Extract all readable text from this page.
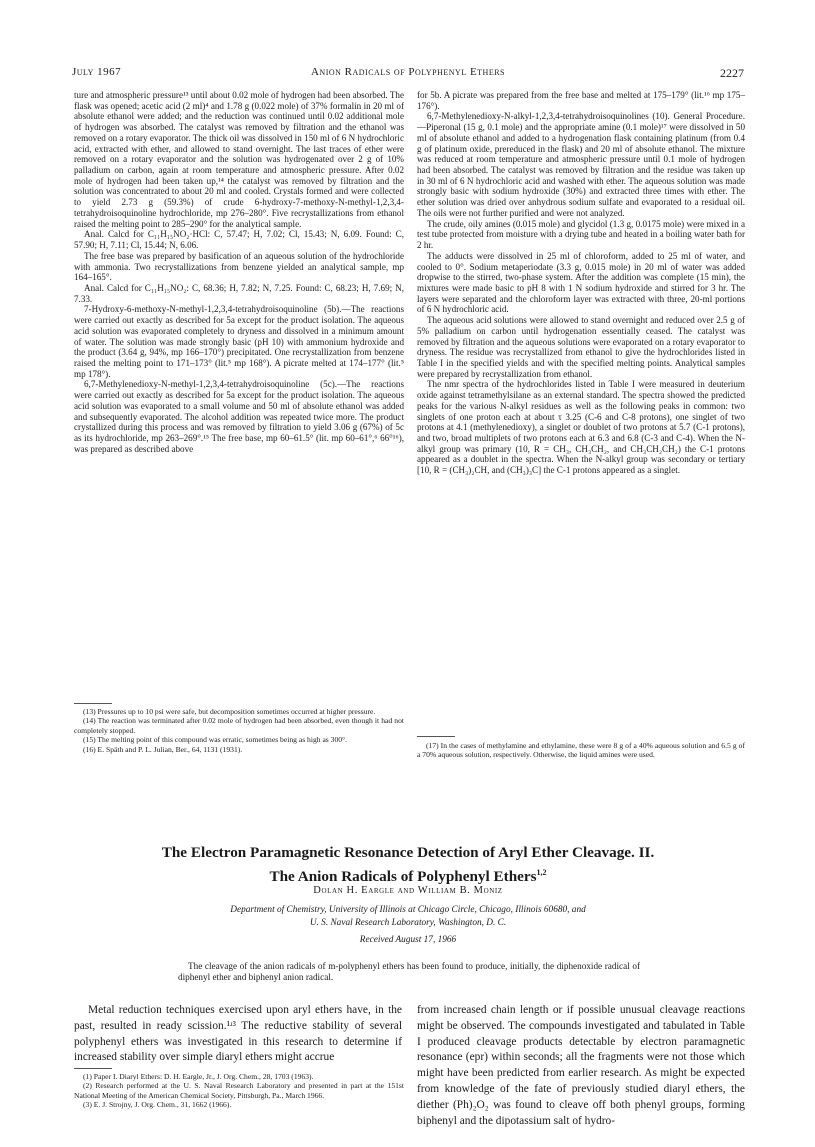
July 1967	Anion Radicals of Polyphenyl Ethers	2227

ture and atmospheric pressure¹³ until about 0.02 mole of hydrogen had been absorbed. The flask was opened; acetic acid (2 ml)⁴ and 1.78 g (0.022 mole) of 37% formalin in 20 ml of absolute ethanol were added; and the reduction was continued until 0.02 additional mole of hydrogen was absorbed. The catalyst was removed by filtration and the ethanol was removed on a rotary evaporator. The thick oil was dissolved in 150 ml of 6 N hydrochloric acid, extracted with ether, and allowed to stand overnight. The last traces of ether were removed on a rotary evaporator and the solution was hydrogenated over 2 g of 10% palladium on carbon, again at room temperature and atmospheric pressure. After 0.02 mole of hydrogen had been taken up,¹⁴ the catalyst was removed by filtration and the solution was concentrated to about 20 ml and cooled. Crystals formed and were collected to yield 2.73 g (59.3%) of crude 6-hydroxy-7-methoxy-N-methyl-1,2,3,4-tetrahydroisoquinoline hydrochloride, mp 276–280°. Five recrystallizations from ethanol raised the melting point to 285–290° for the analytical sample.

Anal. Calcd for C₁₁H₁₅NO₂·HCl: C, 57.47; H, 7.02; Cl, 15.43; N, 6.09. Found: C, 57.90; H, 7.11; Cl, 15.44; N, 6.06.

The free base was prepared by basification of an aqueous solution of the hydrochloride with ammonia. Two recrystallizations from benzene yielded an analytical sample, mp 164–165°.

Anal. Calcd for C₁₁H₁₅NO₂: C, 68.36; H, 7.82; N, 7.25. Found: C, 68.23; H, 7.69; N, 7.33.

7-Hydroxy-6-methoxy-N-methyl-1,2,3,4-tetrahydroisoquinoline (5b).—The reactions were carried out exactly as described for 5a except for the product isolation. The aqueous acid solution was evaporated completely to dryness and dissolved in a minimum amount of water. The solution was made strongly basic (pH 10) with ammonium hydroxide and the product (3.64 g, 94%, mp 166–170°) precipitated. One recrystallization from benzene raised the melting point to 171–173° (lit.⁵ mp 168°). A picrate melted at 174–177° (lit.⁵ mp 178°).

6,7-Methylenedioxy-N-methyl-1,2,3,4-tetrahydroisoquinoline (5c).—The reactions were carried out exactly as described for 5a except for the product isolation. The aqueous acid solution was evaporated to a small volume and 50 ml of absolute ethanol was added and subsequently evaporated. The alcohol addition was repeated twice more. The product crystallized during this process and was removed by filtration to yield 3.06 g (67%) of 5c as its hydrochloride, mp 263–269°.¹⁵ The free base, mp 60–61.5° (lit. mp 60–61°,⁶ 66°¹⁶), was prepared as described above

for 5b. A picrate was prepared from the free base and melted at 175–179° (lit.¹⁶ mp 175–176°).

6,7-Methylenedioxy-N-alkyl-1,2,3,4-tetrahydroisoquinolines (10). General Procedure.—Piperonal (15 g, 0.1 mole) and the appropriate amine (0.1 mole)¹⁷ were dissolved in 50 ml of absolute ethanol and added to a hydrogenation flask containing platinum (from 0.4 g of platinum oxide, prereduced in the flask) and 20 ml of absolute ethanol. The mixture was reduced at room temperature and atmospheric pressure until 0.1 mole of hydrogen had been absorbed. The catalyst was removed by filtration and the residue was taken up in 30 ml of 6 N hydrochloric acid and washed with ether. The aqueous solution was made strongly basic with sodium hydroxide (30%) and extracted three times with ether. The ether solution was dried over anhydrous sodium sulfate and evaporated to a residual oil. The oils were not further purified and were not analyzed.

The crude, oily amines (0.015 mole) and glycidol (1.3 g, 0.0175 mole) were mixed in a test tube protected from moisture with a drying tube and heated in a boiling water bath for 2 hr.

The adducts were dissolved in 25 ml of chloroform, added to 25 ml of water, and cooled to 0°. Sodium metaperiodate (3.3 g, 0.015 mole) in 20 ml of water was added dropwise to the stirred, two-phase system. After the addition was complete (15 min), the mixtures were made basic to pH 8 with 1 N sodium hydroxide and stirred for 3 hr. The layers were separated and the chloroform layer was extracted with three, 20-ml portions of 6 N hydrochloric acid.

The aqueous acid solutions were allowed to stand overnight and reduced over 2.5 g of 5% palladium on carbon until hydrogenation essentially ceased. The catalyst was removed by filtration and the aqueous solutions were evaporated on a rotary evaporator to dryness. The residue was recrystallized from ethanol to give the hydrochlorides listed in Table I in the specified yields and with the specified melting points. Analytical samples were prepared by recrystallization from ethanol.

The nmr spectra of the hydrochlorides listed in Table I were measured in deuterium oxide against tetramethylsilane as an external standard. The spectra showed the predicted peaks for the various N-alkyl residues as well as the following peaks in common: two singlets of one proton each at about τ 3.25 (C-6 and C-8 protons), one singlet of two protons at 4.1 (methylenedioxy), a singlet or doublet of two protons at 5.7 (C-1 protons), and two, broad multiplets of two protons each at 6.3 and 6.8 (C-3 and C-4). When the N-alkyl group was primary (10, R = CH₃, CH₃CH₂, and CH₃CH₂CH₂) the C-1 protons appeared as a doublet in the spectra. When the N-alkyl group was secondary or tertiary [10, R = (CH₃)₂CH, and (CH₃)₃C] the C-1 protons appeared as a singlet.

(13) Pressures up to 10 psi were safe, but decomposition sometimes occurred at higher pressure.

(14) The reaction was terminated after 0.02 mole of hydrogen had been absorbed, even though it had not completely stopped.

(15) The melting point of this compound was erratic, sometimes being as high as 300°.

(16) E. Späth and P. L. Julian, Ber., 64, 1131 (1931).	(17) In the cases of methylamine and ethylamine, these were 8 g of a 40% aqueous solution and 6.5 g of a 70% aqueous solution, respectively. Otherwise, the liquid amines were used.

The Electron Paramagnetic Resonance Detection of Aryl Ether Cleavage. II.
The Anion Radicals of Polyphenyl Ethers$^{1,2}$
Dolan H. Eargle and William B. Moniz
Department of Chemistry, University of Illinois at Chicago Circle, Chicago, Illinois 60680, and
U. S. Naval Research Laboratory, Washington, D. C.
Received August 17, 1966
The cleavage of the anion radicals of m-polyphenyl ethers has been found to produce, initially, the diphenoxide radical of diphenyl ether and biphenyl anion radical.

Metal reduction techniques exercised upon aryl ethers have, in the past, resulted in ready scission.¹ʴ³ The reductive stability of several polyphenyl ethers was investigated in this research to determine if increased stability over simple diaryl ethers might accrue

from increased chain length or if possible unusual cleavage reactions might be observed. The compounds investigated and tabulated in Table I produced cleavage products detectable by electron paramagnetic resonance (epr) within seconds; all the fragments were not those which might have been predicted from earlier research. As might be expected from knowledge of the fate of previously studied diaryl ethers, the diether (Ph)₂O₂ was found to cleave off both phenyl groups, forming biphenyl and the dipotassium salt of hydro-

(1) Paper I. Diaryl Ethers: D. H. Eargle, Jr., J. Org. Chem., 28, 1703 (1963).

(2) Research performed at the U. S. Naval Research Laboratory and presented in part at the 151st National Meeting of the American Chemical Society, Pittsburgh, Pa., March 1966.

(3) E. J. Strojny, J. Org. Chem., 31, 1662 (1966).
